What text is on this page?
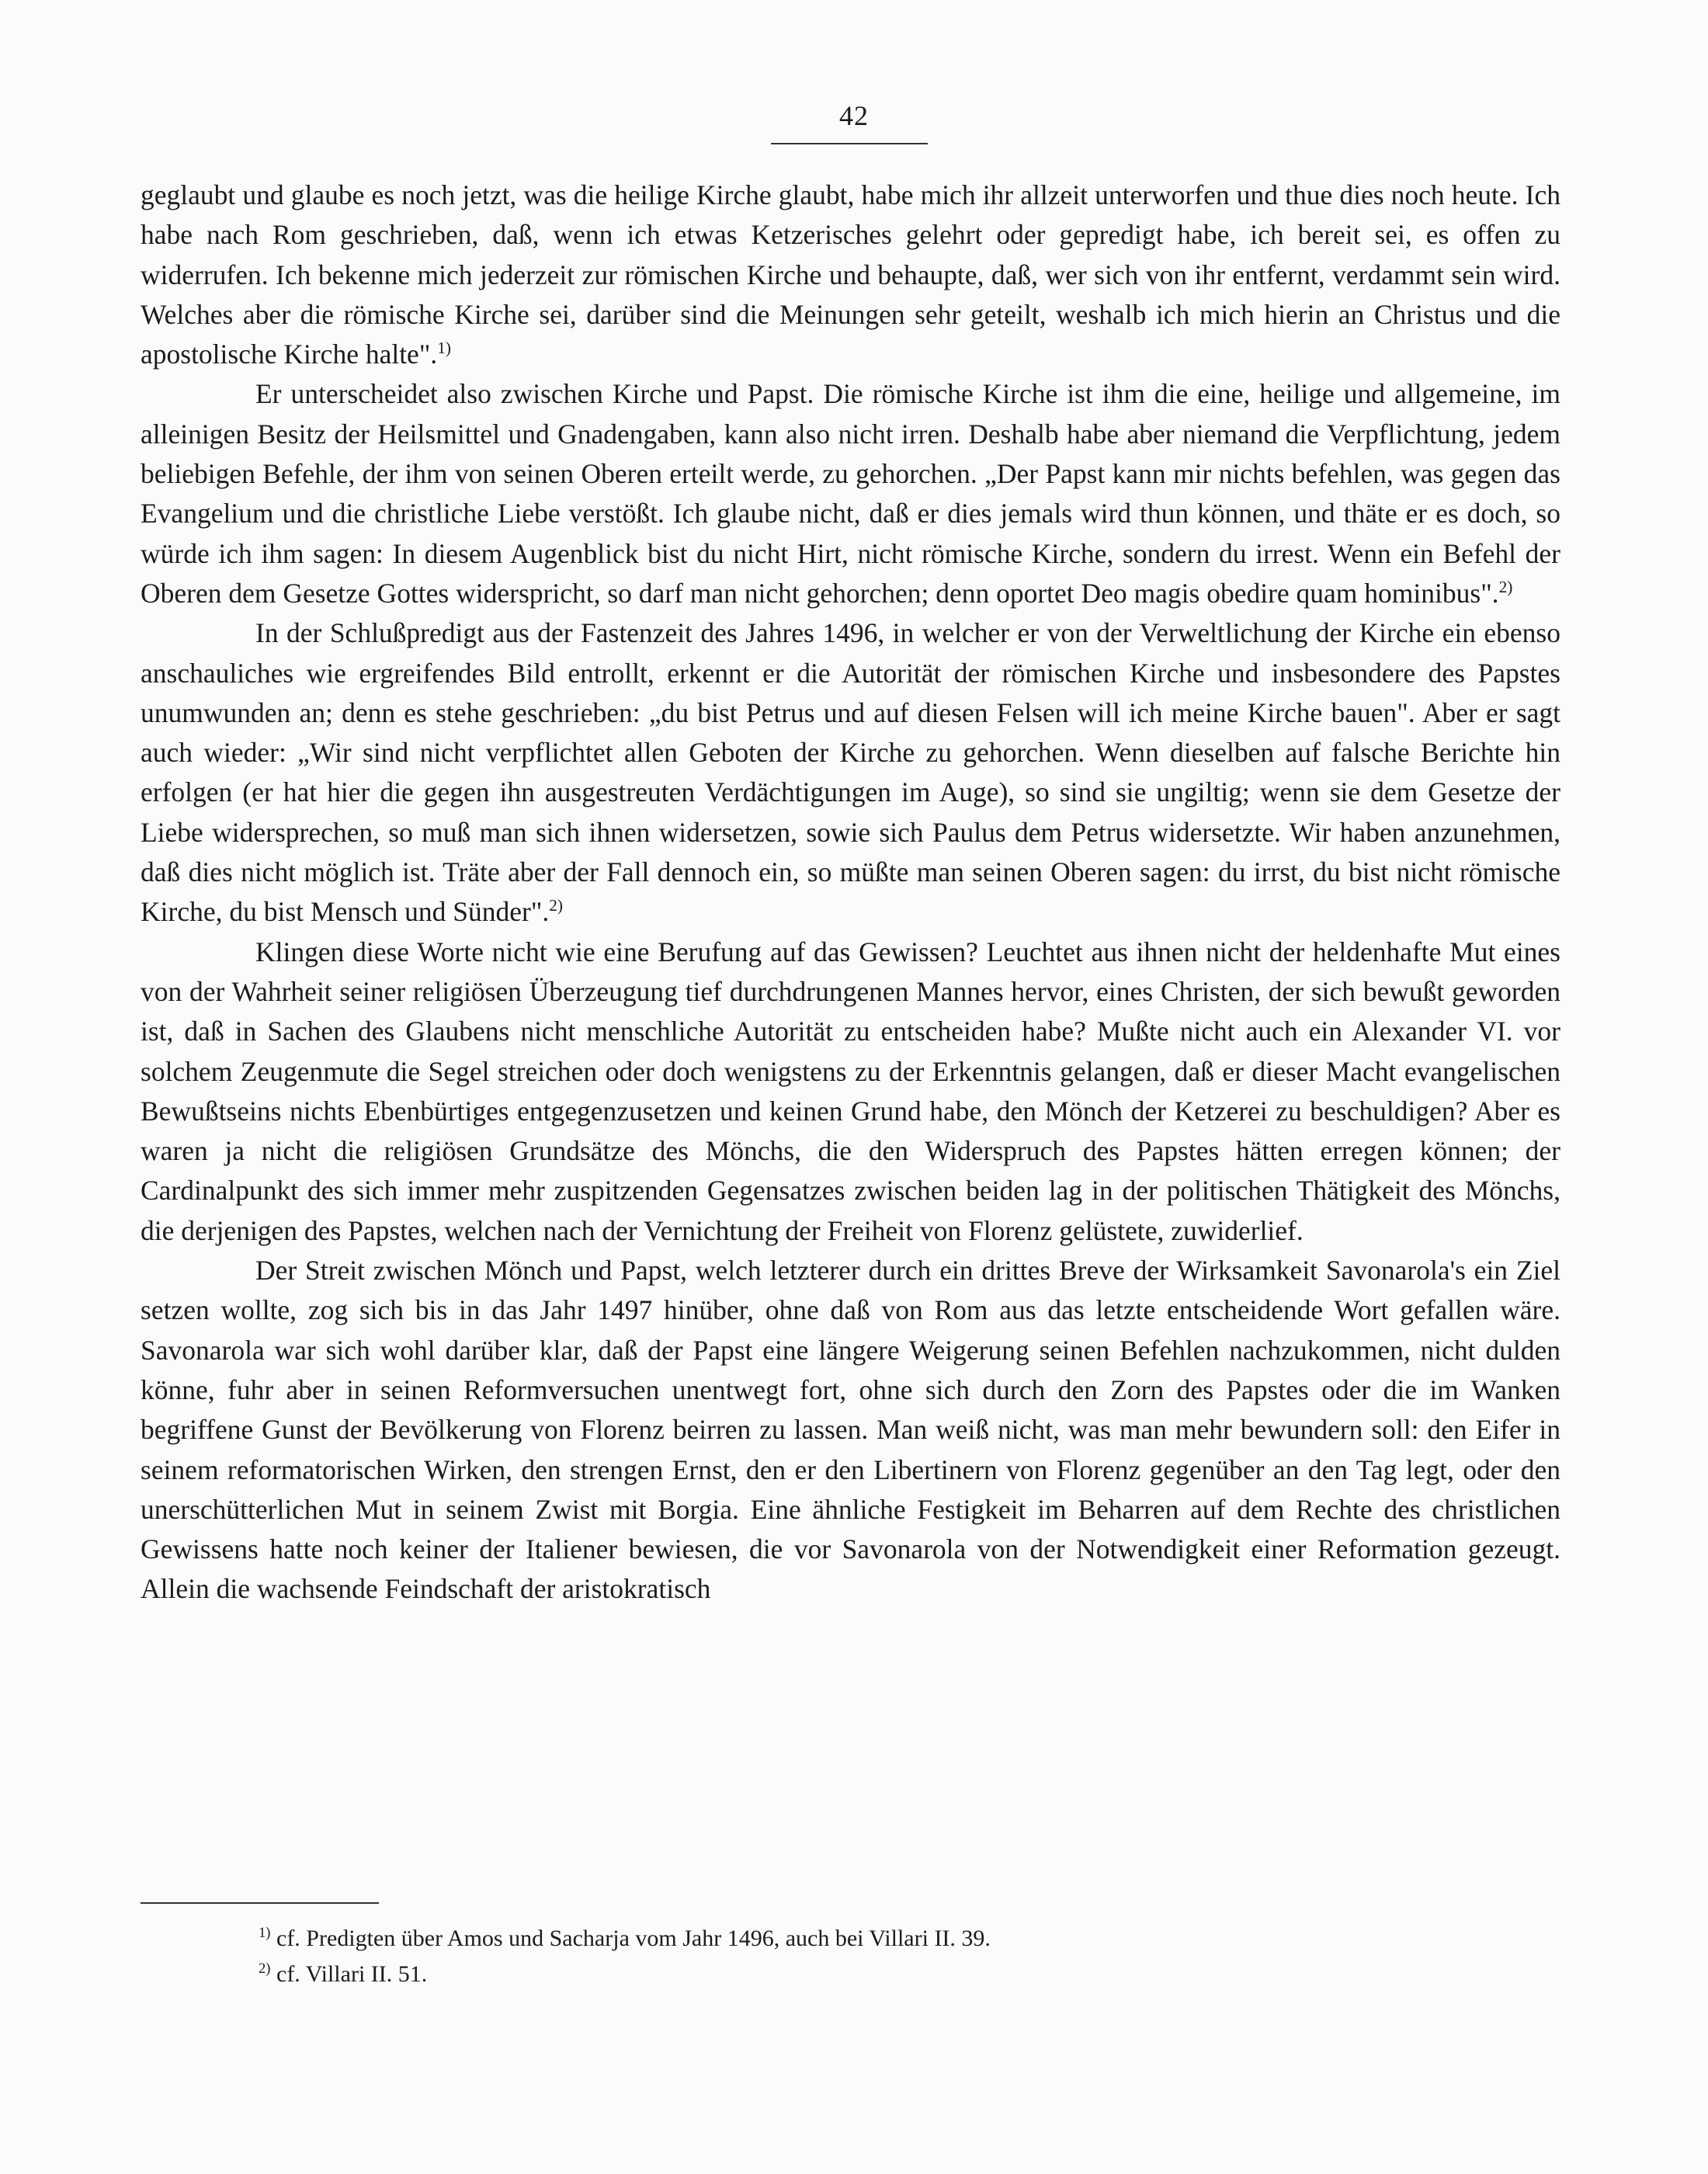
42

geglaubt und glaube es noch jetzt, was die heilige Kirche glaubt, habe mich ihr allzeit unterworfen und thue dies noch heute. Ich habe nach Rom geschrieben, daß, wenn ich etwas Ketzerisches gelehrt oder gepredigt habe, ich bereit sei, es offen zu widerrufen. Ich bekenne mich jederzeit zur römischen Kirche und behaupte, daß, wer sich von ihr entfernt, verdammt sein wird. Welches aber die römische Kirche sei, darüber sind die Meinungen sehr geteilt, weshalb ich mich hierin an Christus und die apostolische Kirche halte".$^{1)}$

Er unterscheidet also zwischen Kirche und Papst. Die römische Kirche ist ihm die eine, heilige und allgemeine, im alleinigen Besitz der Heilsmittel und Gnadengaben, kann also nicht irren. Deshalb habe aber niemand die Verpflichtung, jedem beliebigen Befehle, der ihm von seinen Oberen erteilt werde, zu gehorchen. „Der Papst kann mir nichts befehlen, was gegen das Evangelium und die christliche Liebe verstößt. Ich glaube nicht, daß er dies jemals wird thun können, und thäte er es doch, so würde ich ihm sagen: In diesem Augenblick bist du nicht Hirt, nicht römische Kirche, sondern du irrest. Wenn ein Befehl der Oberen dem Gesetze Gottes widerspricht, so darf man nicht gehorchen; denn oportet Deo magis obedire quam hominibus".$^{2)}$

In der Schlußpredigt aus der Fastenzeit des Jahres 1496, in welcher er von der Verweltlichung der Kirche ein ebenso anschauliches wie ergreifendes Bild entrollt, erkennt er die Autorität der römischen Kirche und insbesondere des Papstes unumwunden an; denn es stehe geschrieben: „du bist Petrus und auf diesen Felsen will ich meine Kirche bauen". Aber er sagt auch wieder: „Wir sind nicht verpflichtet allen Geboten der Kirche zu gehorchen. Wenn dieselben auf falsche Berichte hin erfolgen (er hat hier die gegen ihn ausgestreuten Verdächtigungen im Auge), so sind sie ungiltig; wenn sie dem Gesetze der Liebe widersprechen, so muß man sich ihnen widersetzen, sowie sich Paulus dem Petrus widersetzte. Wir haben anzunehmen, daß dies nicht möglich ist. Träte aber der Fall dennoch ein, so müßte man seinen Oberen sagen: du irrst, du bist nicht römische Kirche, du bist Mensch und Sünder".$^{2)}$

Klingen diese Worte nicht wie eine Berufung auf das Gewissen? Leuchtet aus ihnen nicht der heldenhafte Mut eines von der Wahrheit seiner religiösen Überzeugung tief durchdrungenen Mannes hervor, eines Christen, der sich bewußt geworden ist, daß in Sachen des Glaubens nicht menschliche Autorität zu entscheiden habe? Mußte nicht auch ein Alexander VI. vor solchem Zeugenmute die Segel streichen oder doch wenigstens zu der Erkenntnis gelangen, daß er dieser Macht evangelischen Bewußtseins nichts Ebenbürtiges entgegenzusetzen und keinen Grund habe, den Mönch der Ketzerei zu beschuldigen? Aber es waren ja nicht die religiösen Grundsätze des Mönchs, die den Widerspruch des Papstes hätten erregen können; der Cardinalpunkt des sich immer mehr zuspitzenden Gegensatzes zwischen beiden lag in der politischen Thätigkeit des Mönchs, die derjenigen des Papstes, welchen nach der Vernichtung der Freiheit von Florenz gelüstete, zuwiderlief.

Der Streit zwischen Mönch und Papst, welch letzterer durch ein drittes Breve der Wirksamkeit Savonarola's ein Ziel setzen wollte, zog sich bis in das Jahr 1497 hinüber, ohne daß von Rom aus das letzte entscheidende Wort gefallen wäre. Savonarola war sich wohl darüber klar, daß der Papst eine längere Weigerung seinen Befehlen nachzukommen, nicht dulden könne, fuhr aber in seinen Reformversuchen unentwegt fort, ohne sich durch den Zorn des Papstes oder die im Wanken begriffene Gunst der Bevölkerung von Florenz beirren zu lassen. Man weiß nicht, was man mehr bewundern soll: den Eifer in seinem reformatorischen Wirken, den strengen Ernst, den er den Libertinern von Florenz gegenüber an den Tag legt, oder den unerschütterlichen Mut in seinem Zwist mit Borgia. Eine ähnliche Festigkeit im Beharren auf dem Rechte des christlichen Gewissens hatte noch keiner der Italiener bewiesen, die vor Savonarola von der Notwendigkeit einer Reformation gezeugt. Allein die wachsende Feindschaft der aristokratisch

$^{1)}$ cf. Predigten über Amos und Sacharja vom Jahr 1496, auch bei Villari II. 39.

$^{2)}$ cf. Villari II. 51.
